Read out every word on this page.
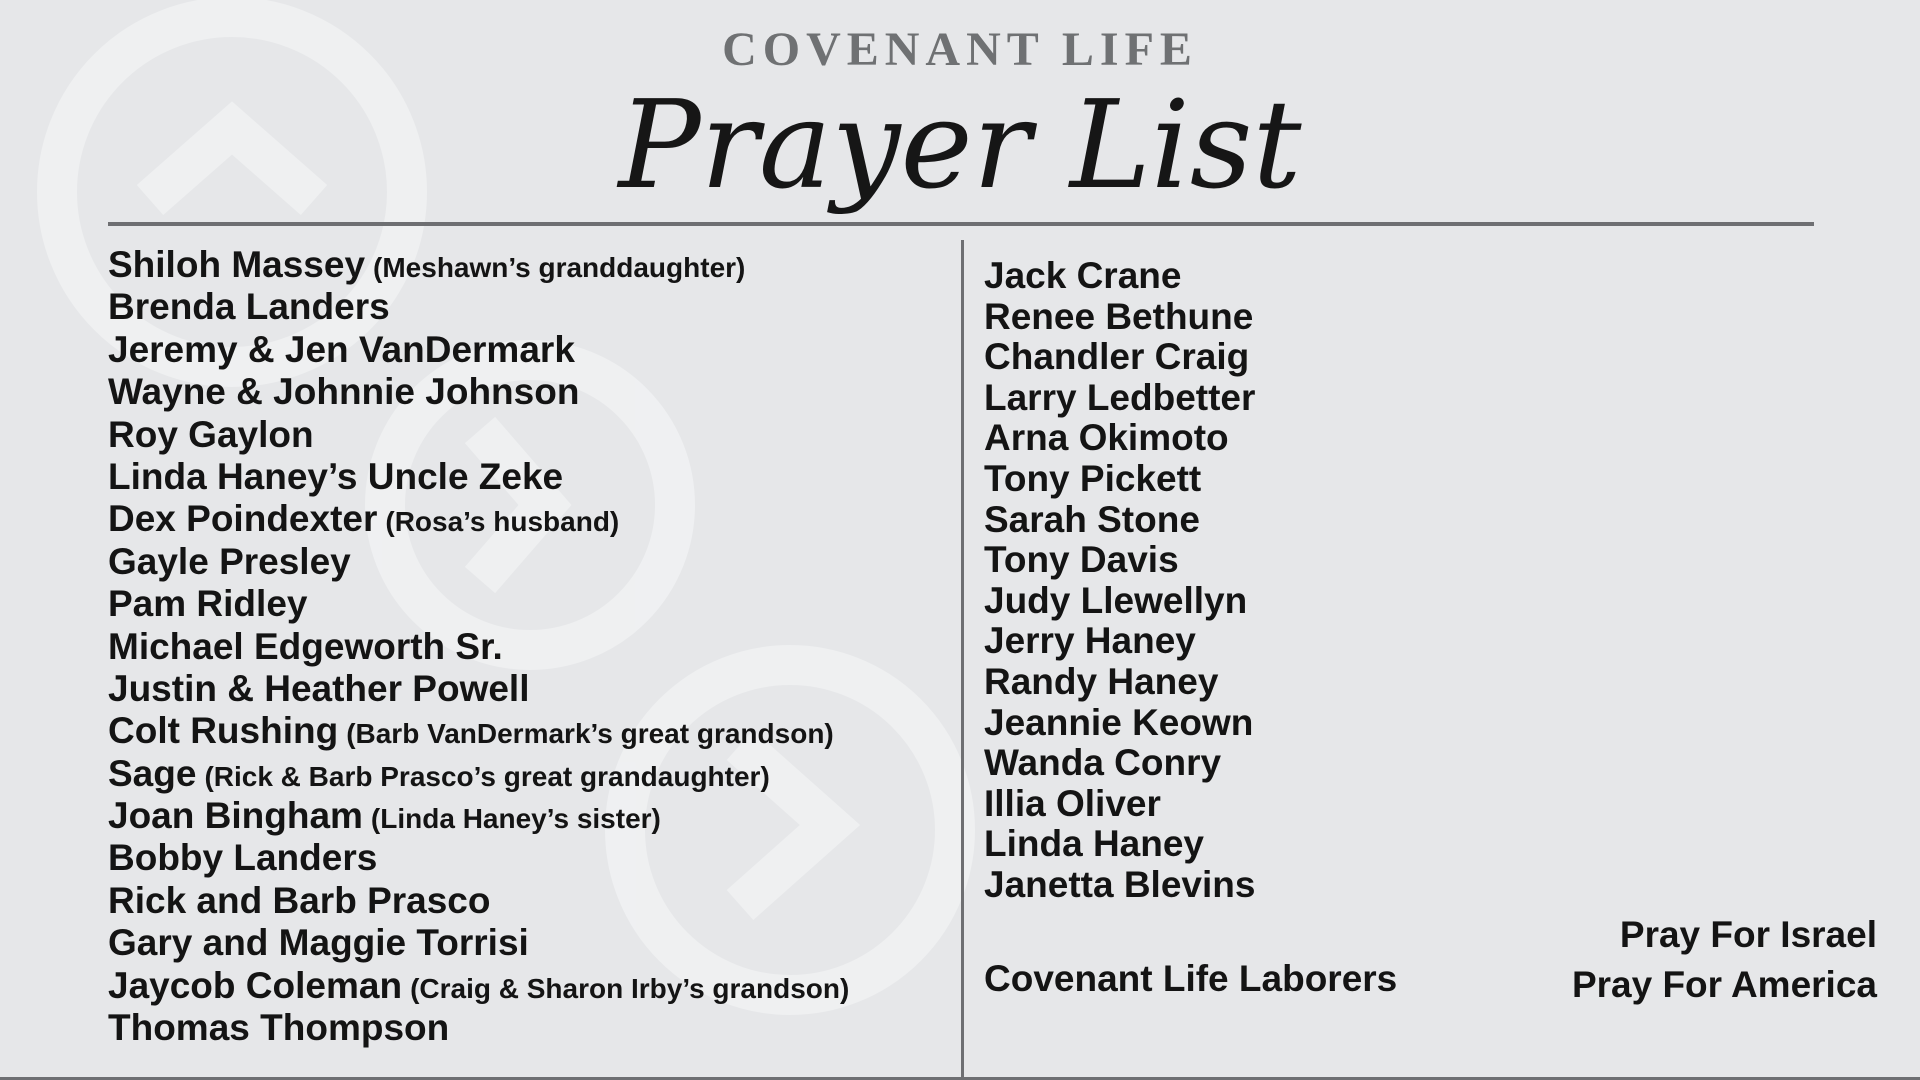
COVENANT LIFE
Prayer List
Shiloh Massey (Meshawn’s granddaughter)
Brenda Landers
Jeremy & Jen VanDermark
Wayne & Johnnie Johnson
Roy Gaylon
Linda Haney’s Uncle Zeke
Dex Poindexter (Rosa’s husband)
Gayle Presley
Pam Ridley
Michael Edgeworth Sr.
Justin & Heather Powell
Colt Rushing (Barb VanDermark’s great grandson)
Sage (Rick & Barb Prasco’s great grandaughter)
Joan Bingham (Linda Haney’s sister)
Bobby Landers
Rick and Barb Prasco
Gary and Maggie Torrisi
Jaycob Coleman (Craig & Sharon Irby’s grandson)
Thomas Thompson
Jack Crane
Renee Bethune
Chandler Craig
Larry Ledbetter
Arna Okimoto
Tony Pickett
Sarah Stone
Tony Davis
Judy Llewellyn
Jerry Haney
Randy Haney
Jeannie Keown
Wanda Conry
Illia Oliver
Linda Haney
Janetta Blevins
Covenant Life Laborers
Pray For Israel
Pray For America
